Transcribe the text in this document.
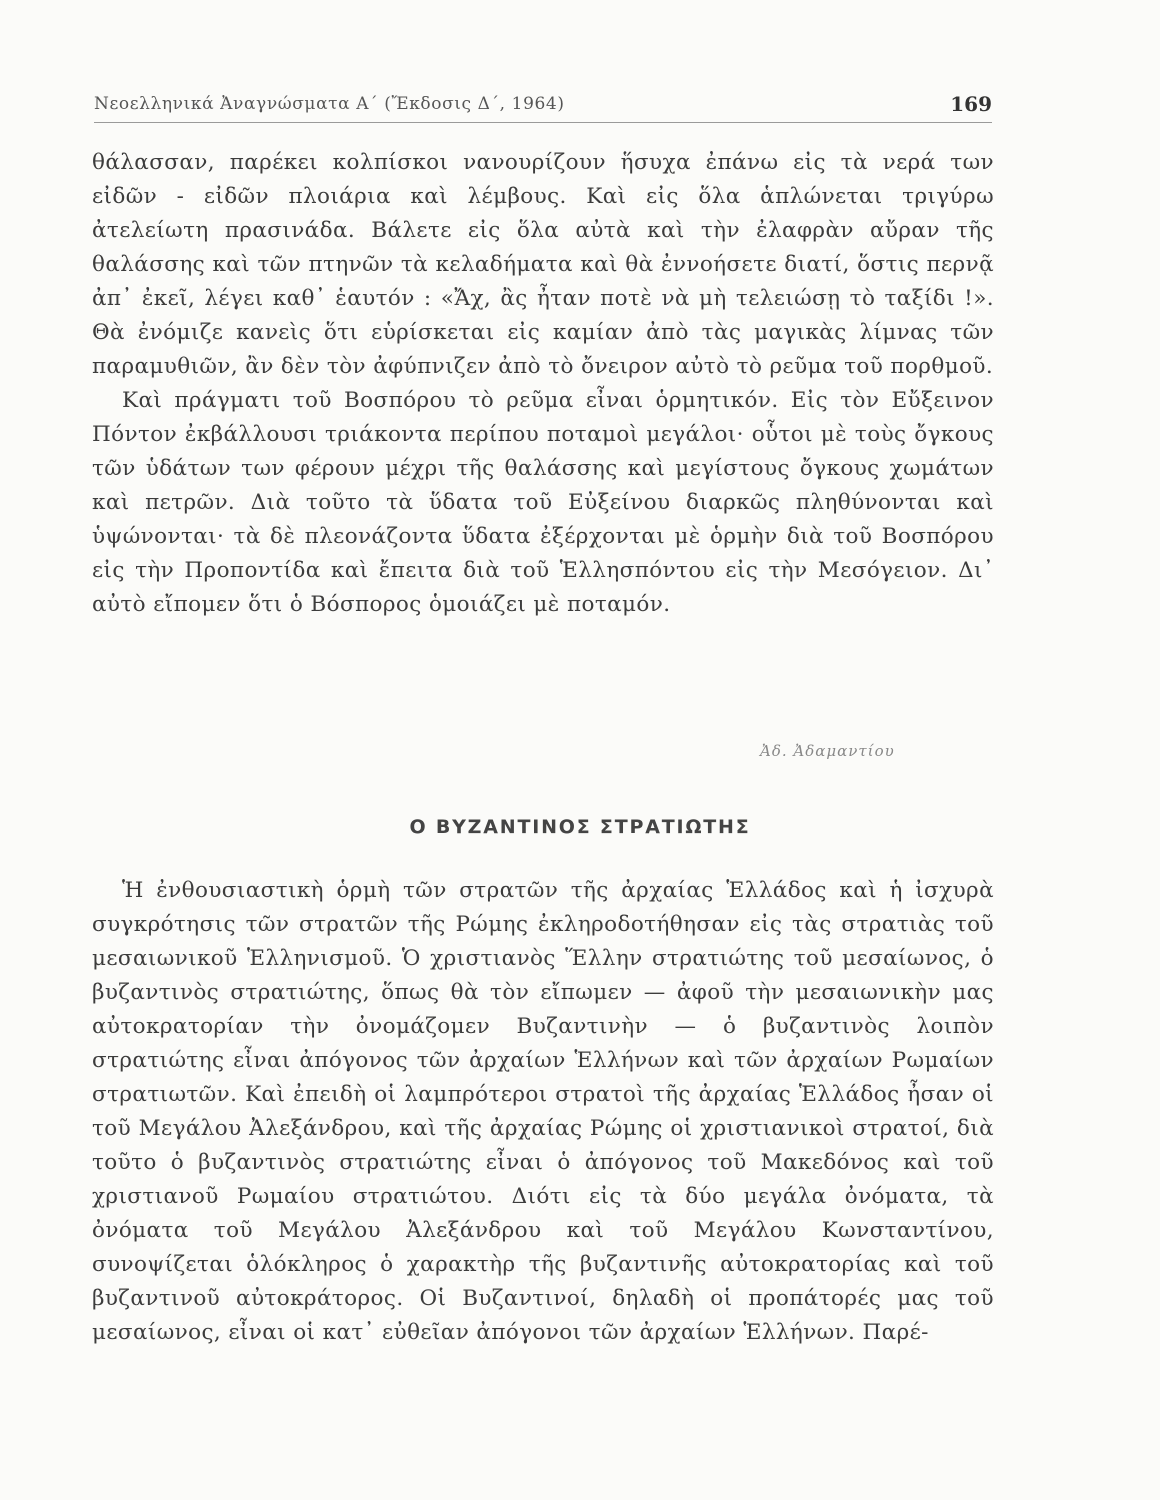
Νεοελληνικά Ἀναγνώσματα Α΄ (Ἔκδοσις Δ΄, 1964)	169

θάλασσαν, παρέκει κολπίσκοι νανουρίζουν ἥσυχα ἐπάνω εἰς τὰ νερά των εἰδῶν - εἰδῶν πλοιάρια καὶ λέμβους. Καὶ εἰς ὅλα ἁπλώνεται τριγύρω ἀτελείωτη πρασινάδα. Βάλετε εἰς ὅλα αὐτὰ καὶ τὴν ἐλαφρὰν αὔραν τῆς θαλάσσης καὶ τῶν πτηνῶν τὰ κελαδήματα καὶ θὰ ἐννοήσετε διατί, ὅστις περνᾷ ἀπ᾿ ἐκεῖ, λέγει καθ᾿ ἑαυτόν : «Ἄχ, ἂς ἦταν ποτὲ νὰ μὴ τελειώσῃ τὸ ταξίδι !». Θὰ ἐνόμιζε κανεὶς ὅτι εὑρίσκεται εἰς καμίαν ἀπὸ τὰς μαγικὰς λίμνας τῶν παραμυθιῶν, ἂν δὲν τὸν ἀφύπνιζεν ἀπὸ τὸ ὄνειρον αὐτὸ τὸ ρεῦμα τοῦ πορθμοῦ.

Καὶ πράγματι τοῦ Βοσπόρου τὸ ρεῦμα εἶναι ὁρμητικόν. Εἰς τὸν Εὔξεινον Πόντον ἐκβάλλουσι τριάκοντα περίπου ποταμοὶ μεγάλοι· οὗτοι μὲ τοὺς ὄγκους τῶν ὑδάτων των φέρουν μέχρι τῆς θαλάσσης καὶ μεγίστους ὄγκους χωμάτων καὶ πετρῶν. Διὰ τοῦτο τὰ ὕδατα τοῦ Εὐξείνου διαρκῶς πληθύνονται καὶ ὑψώνονται· τὰ δὲ πλεονάζοντα ὕδατα ἐξέρχονται μὲ ὁρμὴν διὰ τοῦ Βοσπόρου εἰς τὴν Προποντίδα καὶ ἔπειτα διὰ τοῦ Ἑλλησπόντου εἰς τὴν Μεσόγειον. Δι᾿ αὐτὸ εἴπομεν ὅτι ὁ Βόσπορος ὁμοιάζει μὲ ποταμόν.

Ἀδ. Ἀδαμαντίου
Ο ΒΥΖΑΝΤΙΝΟΣ ΣΤΡΑΤΙΩΤΗΣ

Ἡ ἐνθουσιαστικὴ ὁρμὴ τῶν στρατῶν τῆς ἀρχαίας Ἑλλάδος καὶ ἡ ἰσχυρὰ συγκρότησις τῶν στρατῶν τῆς Ρώμης ἐκληροδοτήθησαν εἰς τὰς στρατιὰς τοῦ μεσαιωνικοῦ Ἑλληνισμοῦ. Ὁ χριστιανὸς Ἕλλην στρατιώτης τοῦ μεσαίωνος, ὁ βυζαντινὸς στρατιώτης, ὅπως θὰ τὸν εἴπωμεν — ἀφοῦ τὴν μεσαιωνικὴν μας αὐτοκρατορίαν τὴν ὀνομάζομεν Βυζαντινὴν — ὁ βυζαντινὸς λοιπὸν στρατιώτης εἶναι ἀπόγονος τῶν ἀρχαίων Ἑλλήνων καὶ τῶν ἀρχαίων Ρωμαίων στρατιωτῶν. Καὶ ἐπειδὴ οἱ λαμπρότεροι στρατοὶ τῆς ἀρχαίας Ἑλλάδος ἦσαν οἱ τοῦ Μεγάλου Ἀλεξάνδρου, καὶ τῆς ἀρχαίας Ρώμης οἱ χριστιανικοὶ στρατοί, διὰ τοῦτο ὁ βυζαντινὸς στρατιώτης εἶναι ὁ ἀπόγονος τοῦ Μακεδόνος καὶ τοῦ χριστιανοῦ Ρωμαίου στρατιώτου. Διότι εἰς τὰ δύο μεγάλα ὀνόματα, τὰ ὀνόματα τοῦ Μεγάλου Ἀλεξάνδρου καὶ τοῦ Μεγάλου Κωνσταντίνου, συνοψίζεται ὁλόκληρος ὁ χαρακτὴρ τῆς βυζαντινῆς αὐτοκρατορίας καὶ τοῦ βυζαντινοῦ αὐτοκράτορος. Οἱ Βυζαντινοί, δηλαδὴ οἱ προπάτορές μας τοῦ μεσαίωνος, εἶναι οἱ κατ᾿ εὐθεῖαν ἀπόγονοι τῶν ἀρχαίων Ἑλλήνων. Παρέ-
